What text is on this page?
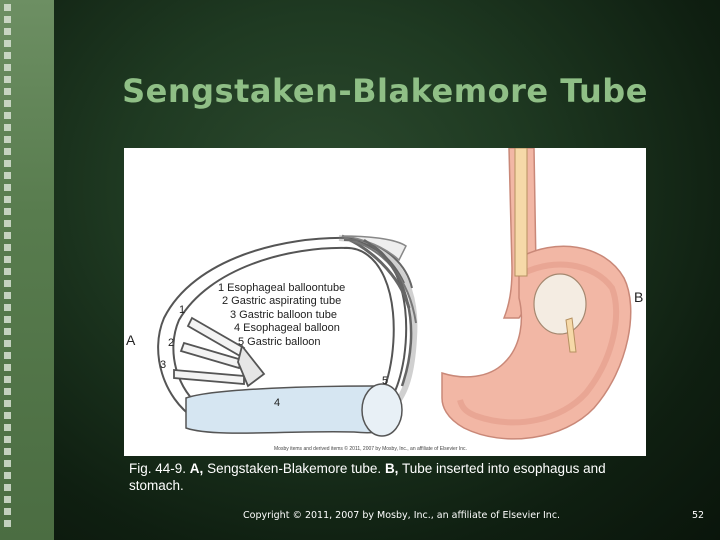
Sengstaken-Blakemore Tube
1 Esophageal balloontube
2 Gastric aspirating tube
3 Gastric balloon tube
4 Esophageal balloon
5 Gastric balloon
1
2
3
4
5
A
Mosby items and derived items © 2011, 2007 by Mosby, Inc., an affiliate of Elsevier Inc.
B
Fig. 44-9. A, Sengstaken-Blakemore tube. B, Tube inserted into esophagus and stomach.
Copyright © 2011, 2007 by Mosby, Inc., an affiliate of Elsevier Inc.	52
